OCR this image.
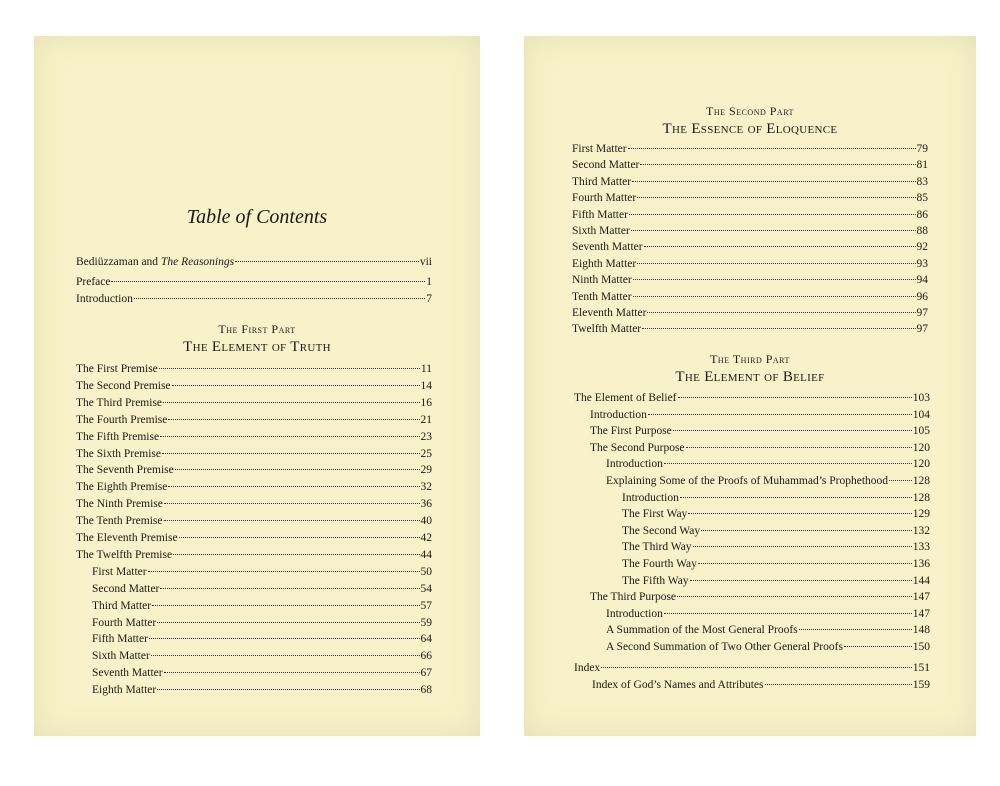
Table of Contents
Bediüzzaman and The Reasonings	vii
Preface	1
Introduction	7
The First Part
The Element of Truth
The First Premise	11
The Second Premise	14
The Third Premise	16
The Fourth Premise	21
The Fifth Premise	23
The Sixth Premise	25
The Seventh Premise	29
The Eighth Premise	32
The Ninth Premise	36
The Tenth Premise	40
The Eleventh Premise	42
The Twelfth Premise	44
First Matter	50
Second Matter	54
Third Matter	57
Fourth Matter	59
Fifth Matter	64
Sixth Matter	66
Seventh Matter	67
Eighth Matter	68
The Second Part
The Essence of Eloquence
First Matter	79
Second Matter	81
Third Matter	83
Fourth Matter	85
Fifth Matter	86
Sixth Matter	88
Seventh Matter	92
Eighth Matter	93
Ninth Matter	94
Tenth Matter	96
Eleventh Matter	97
Twelfth Matter	97
The Third Part
The Element of Belief
The Element of Belief	103
Introduction	104
The First Purpose	105
The Second Purpose	120
Introduction	120
Explaining Some of the Proofs of Muhammad’s Prophethood 128
Introduction	128
The First Way	129
The Second Way	132
The Third Way	133
The Fourth Way	136
The Fifth Way	144
The Third Purpose	147
Introduction	147
A Summation of the Most General Proofs	148
A Second Summation of Two Other General Proofs	150
Index	151
Index of God’s Names and Attributes	159
